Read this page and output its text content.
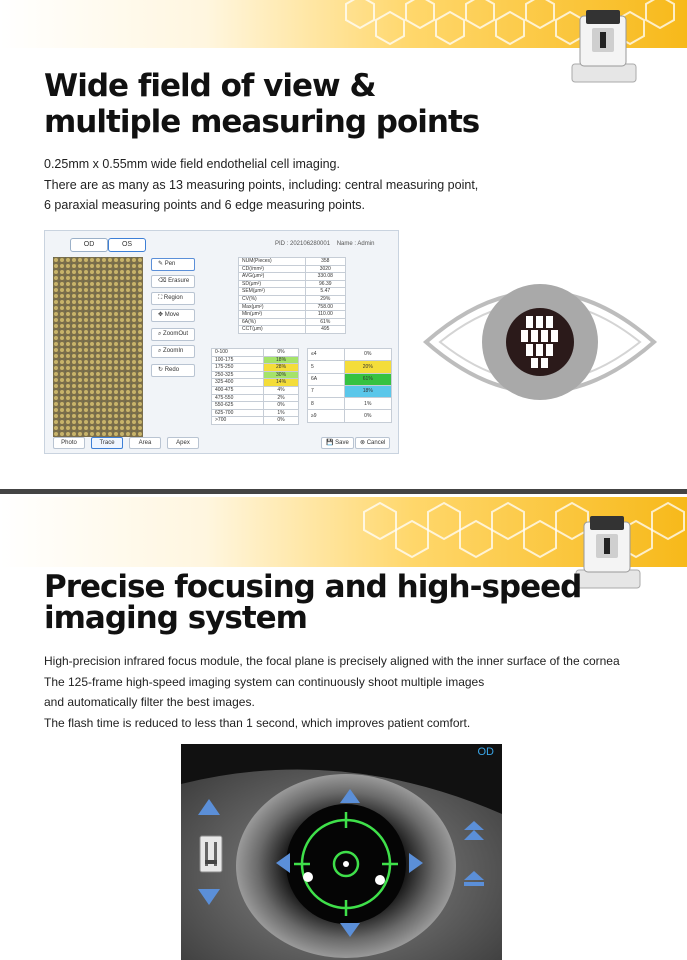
Wide field of view &
multiple measuring points
0.25mm x 0.55mm wide field endothelial cell imaging.
There are as many as 13 measuring points, including: central measuring point,
6 paraxial measuring points and 6 edge measuring points.
OD	OS	PID : 202106280001 Name : Admin
✎ Pen
⌫ Erasure
⛶ Region
✥ Move
⌕ ZoomOut
⌕ ZoomIn
↻ Redo
NUM(Pieces)	358
CD(/mm²)	3020
AVG(μm²)	330.08
SD(μm²)	96.39
SEM(μm²)	5.47
CV(%)	29%
Max(μm²)	758.00
Min(μm²)	110.00
6A(%)	61%
CCT(μm)	495
0-100	0%
100-175	18%
175-250	28%
250-325	30%
325-400	14%
400-475	4%
475-550	2%
550-625	0%
625-700	1%
>700	0%
≤4	0%
5	20%
6A	61%
7	18%
8	1%
≥9	0%
Photo	Trace	Area	Apex	💾 Save	⊗ Cancel
Precise focusing and high-speed
imaging system
High-precision infrared focus module, the focal plane is precisely aligned with the inner surface of the cornea
The 125-frame high-speed imaging system can continuously shoot multiple images
and automatically filter the best images.
The flash time is reduced to less than 1 second, which improves patient comfort.
OD
